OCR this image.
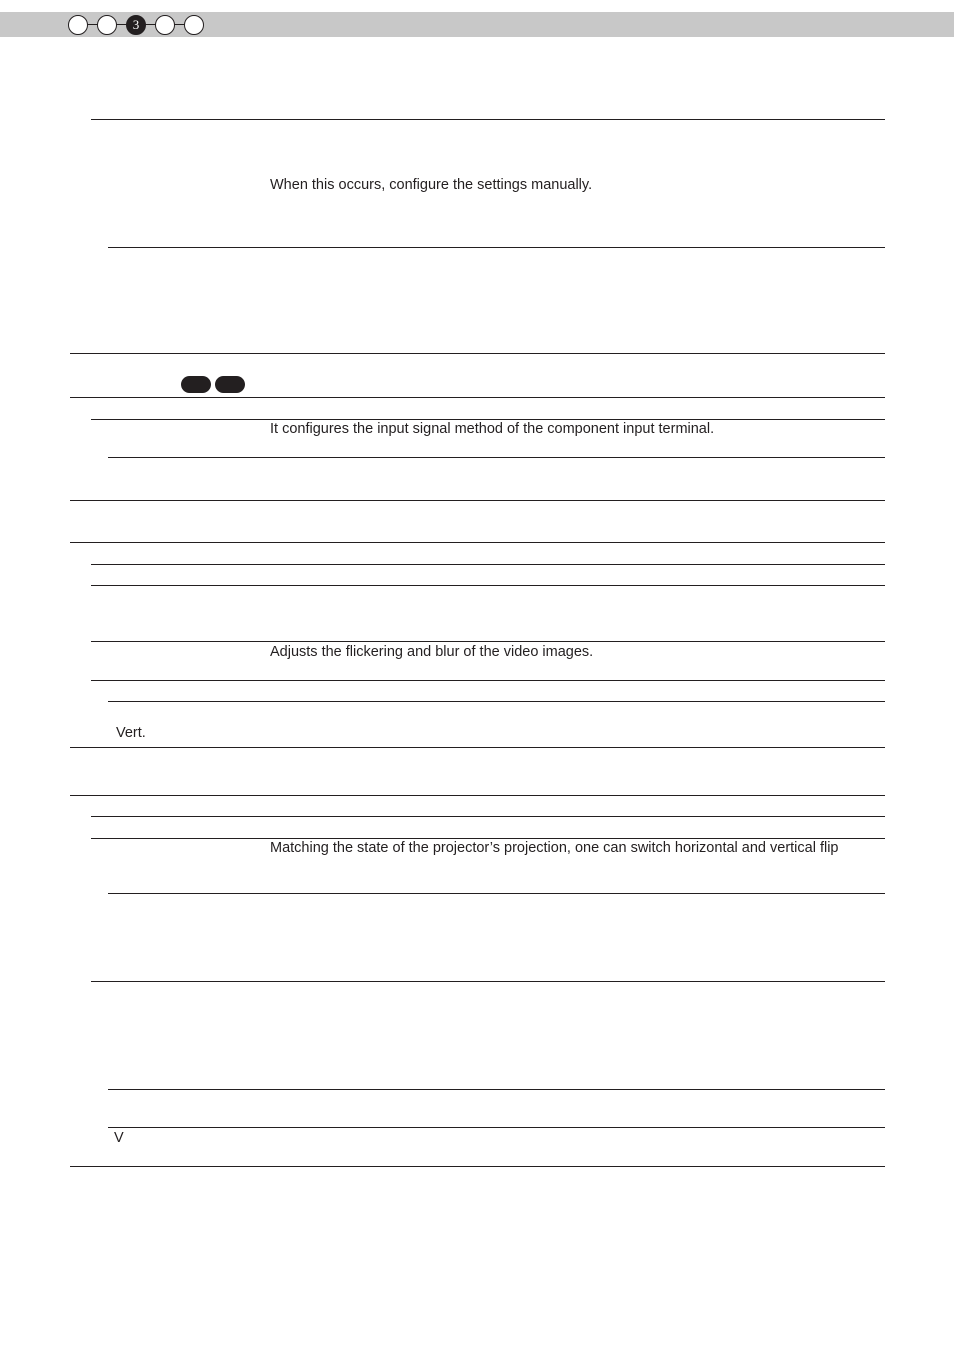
3
When this occurs, configure the settings manually.
It configures the input signal method of the component input terminal.
Adjusts the flickering and blur of the video images.
Vert.
Matching the state of the projector’s projection, one can switch horizontal and vertical flip
V
